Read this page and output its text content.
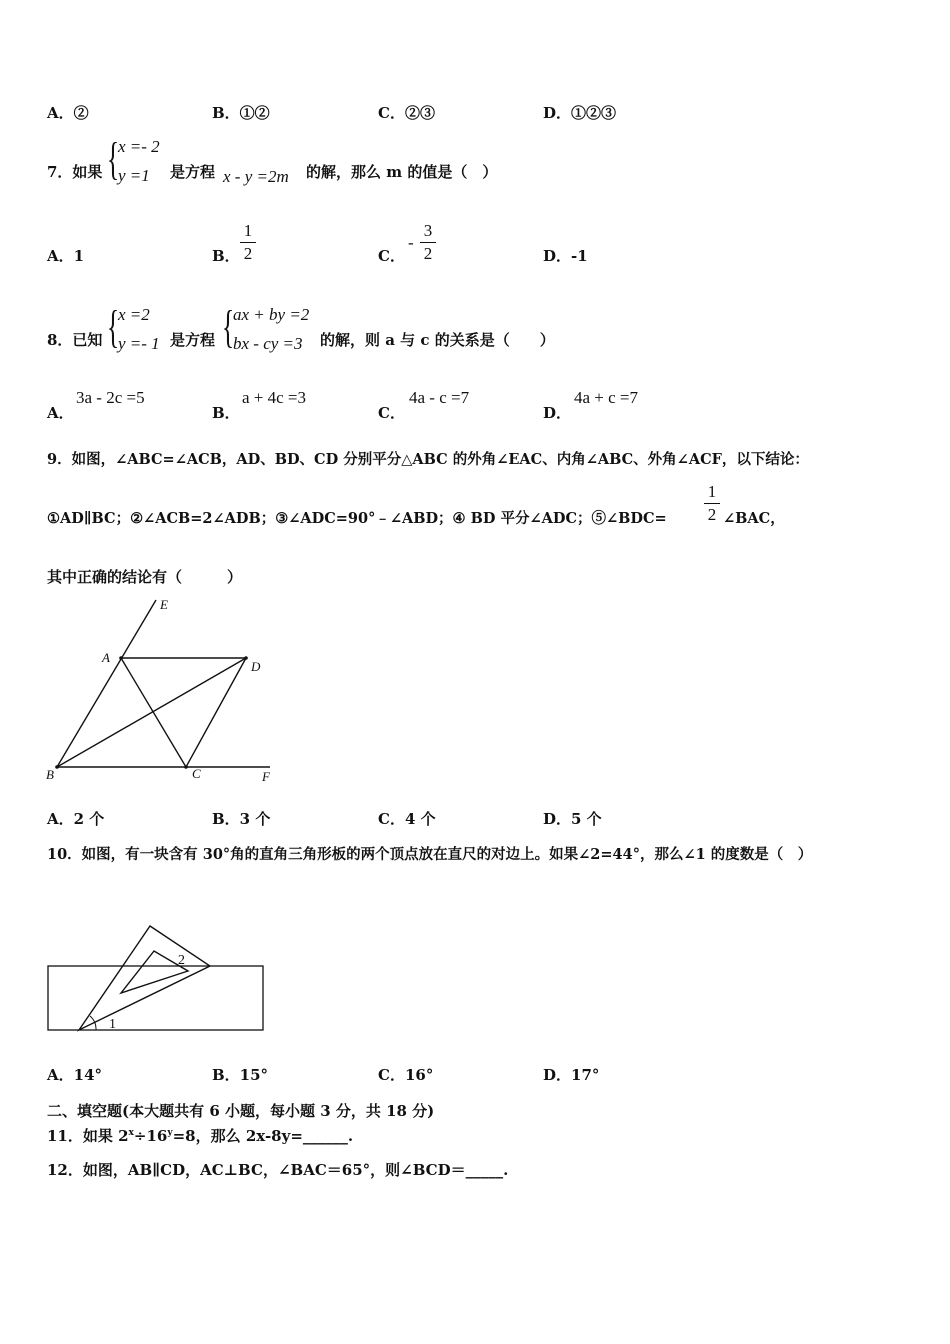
A．②	B．①②	C．②③	D．①②③
7．如果 {
x =- 2
y =1 是方程 x - y =2m 的解，那么 m 的值是（　）
A．1	B．
1
2	C．
-
3
2	D．-1
8．已知 {
x =2
y =- 1 是方程 {
ax + by =2
bx - cy =3 的解，则 a 与 c 的关系是（　　）
A．
3a - 2c =5
B．
a + 4c =3
C．
4a - c =7
D．
4a + c =7
9．如图，∠ABC=∠ACB，AD、BD、CD 分别平分△ABC 的外角∠EAC、内角∠ABC、外角∠ACF，以下结论：
①AD∥BC；②∠ACB=2∠ADB；③∠ADC=90°﹣∠ABD；④ BD 平分∠ADC；⑤∠BDC=
1
2 ∠BAC，
其中正确的结论有（　　　）
E
A
D
B	C	F
A．2 个	B．3 个	C．4 个	D．5 个
10．如图，有一块含有 30°角的直角三角形板的两个顶点放在直尺的对边上。如果∠2=44°，那么∠1 的度数是（　）
1
2
A．14°	B．15°	C．16°	D．17°
二、填空题(本大题共有 6 小题，每小题 3 分，共 18 分)
11．如果 $2^x\div 16^y=8$，那么 2x-8y=______.
12．如图，AB∥CD，AC⊥BC，∠BAC＝65°，则∠BCD＝_____.
